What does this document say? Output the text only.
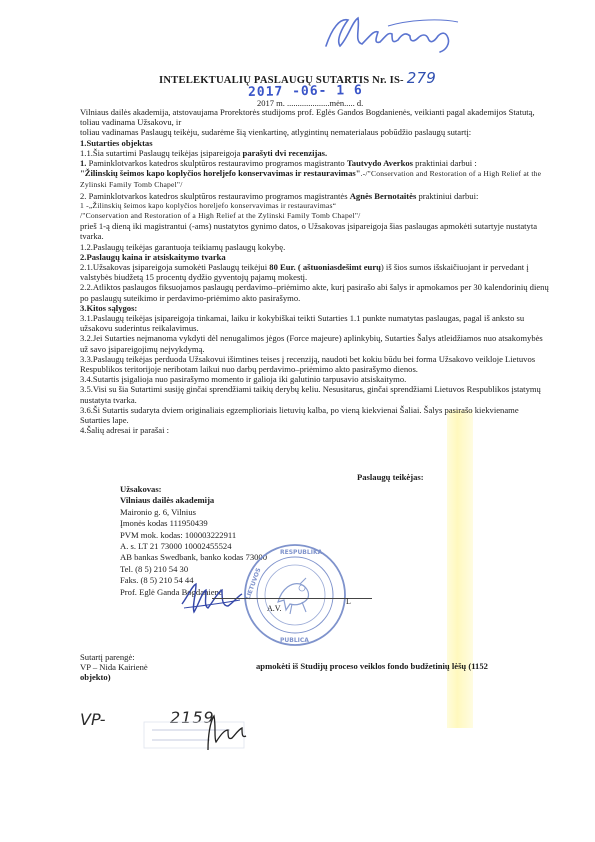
INTELEKTUALIŲ PASLAUGŲ SUTARTIS Nr. IS- 279
2017 -06- 1 6
2017 m. ....................mėn..... d.

Vilniaus dailės akademija, atstovaujama Prorektorės studijoms prof. Eglės Gandos Bogdanienės, veikianti pagal akademijos Statutą, toliau vadinama Užsakovu, ir

toliau vadinamas Paslaugų teikėju, sudarėme šią vienkartinę, atlygintinų nematerialaus pobūdžio paslaugų sutartį:

1.Sutarties objektas

1.1.Šia sutartimi Paslaugų teikėjas įsipareigoja parašyti dvi recenzijas.

1. Paminklotvarkos katedros skulptūros restauravimo programos magistranto Tautvydo Averkos praktiniai darbui :

"Žilinskių šeimos kapo koplyčios horeljefo konservavimas ir restauravimas".-/"Conservation and Restoration of a High Relief at the Zylinski Family Tomb Chapel"/

2. Paminklotvarkos katedros skulptūros restauravimo programos magistrantės Agnės Bernotaitės praktiniui darbui:

1 -„Žilinskių šeimos kapo koplyčios horeljefo konservavimas ir restauravimas“

/"Conservation and Restoration of a High Relief at the Zylinski Family Tomb Chapel"/

prieš 1-ą dieną iki magistrantui (-ams) nustatytos gynimo datos, o Užsakovas įsipareigoja šias paslaugas apmokėti sutartyje nustatyta tvarka.

1.2.Paslaugų teikėjas garantuoja teikiamų paslaugų kokybę.

2.Paslaugų kaina ir atsiskaitymo tvarka

2.1.Užsakovas įsipareigoja sumokėti Paslaugų teikėjui 80 Eur. ( aštuoniasdešimt eurų) iš šios sumos išskaičiuojant ir pervedant į valstybės biudžetą 15 procentų dydžio gyventojų pajamų mokestį.

2.2.Atliktos paslaugos fiksuojamos paslaugų perdavimo–priėmimo akte, kurį pasirašo abi šalys ir apmokamos per 30 kalendorinių dienų po paslaugų suteikimo ir perdavimo-priėmimo akto pasirašymo.

3.Kitos sąlygos:

3.1.Paslaugų teikėjas įsipareigoja tinkamai, laiku ir kokybiškai teikti Sutarties 1.1 punkte numatytas paslaugas, pagal iš anksto su užsakovu suderintus reikalavimus.

3.2.Jei Sutarties neįmanoma vykdyti dėl nenugalimos jėgos (Force majeure) aplinkybių, Sutarties Šalys atleidžiamos nuo atsakomybės už savo įsipareigojimų neįvykdymą.

3.3.Paslaugų teikėjas perduoda Užsakovui išimtines teises į recenziją, naudoti bet kokiu būdu bei forma Užsakovo veikloje Lietuvos Respublikos teritorijoje neribotam laikui nuo darbų perdavimo–priėmimo akto pasirašymo dienos.

3.4.Sutartis įsigalioja nuo pasirašymo momento ir galioja iki galutinio tarpusavio atsiskaitymo.

3.5.Visi su šia Sutartimi susiję ginčai sprendžiami taikių derybų keliu. Nesusitarus, ginčai sprendžiami Lietuvos Respublikos įstatymų nustatyta tvarka.

3.6.Ši Sutartis sudaryta dviem originaliais egzemplioriais lietuvių kalba, po vieną kiekvienai Šaliai. Šalys pasirašo kiekviename Sutarties lape.

4.Šalių adresai ir parašai :

Paslaugų teikėjas:
Užsakovas:
Vilniaus dailės akademija
Maironio g. 6, Vilnius
Įmonės kodas 111950439
PVM mok. kodas: 100003222911
A. s. LT 21 73000 10002455524
AB bankas Swedbank, banko kodas 73000
Tel. (8 5) 210 54 30
Faks. (8 5) 210 54 44
Prof. Eglė Ganda Bogdanienė
RESPUBLIKA
LIETUVOS
PUBLICA
A.V.
L
Sutartį parengė:
VP – Nida Kairienė
objekto)
apmokėti iš Studijų proceso veiklos fondo budžetinių lėšų (1152
VP-	2159
